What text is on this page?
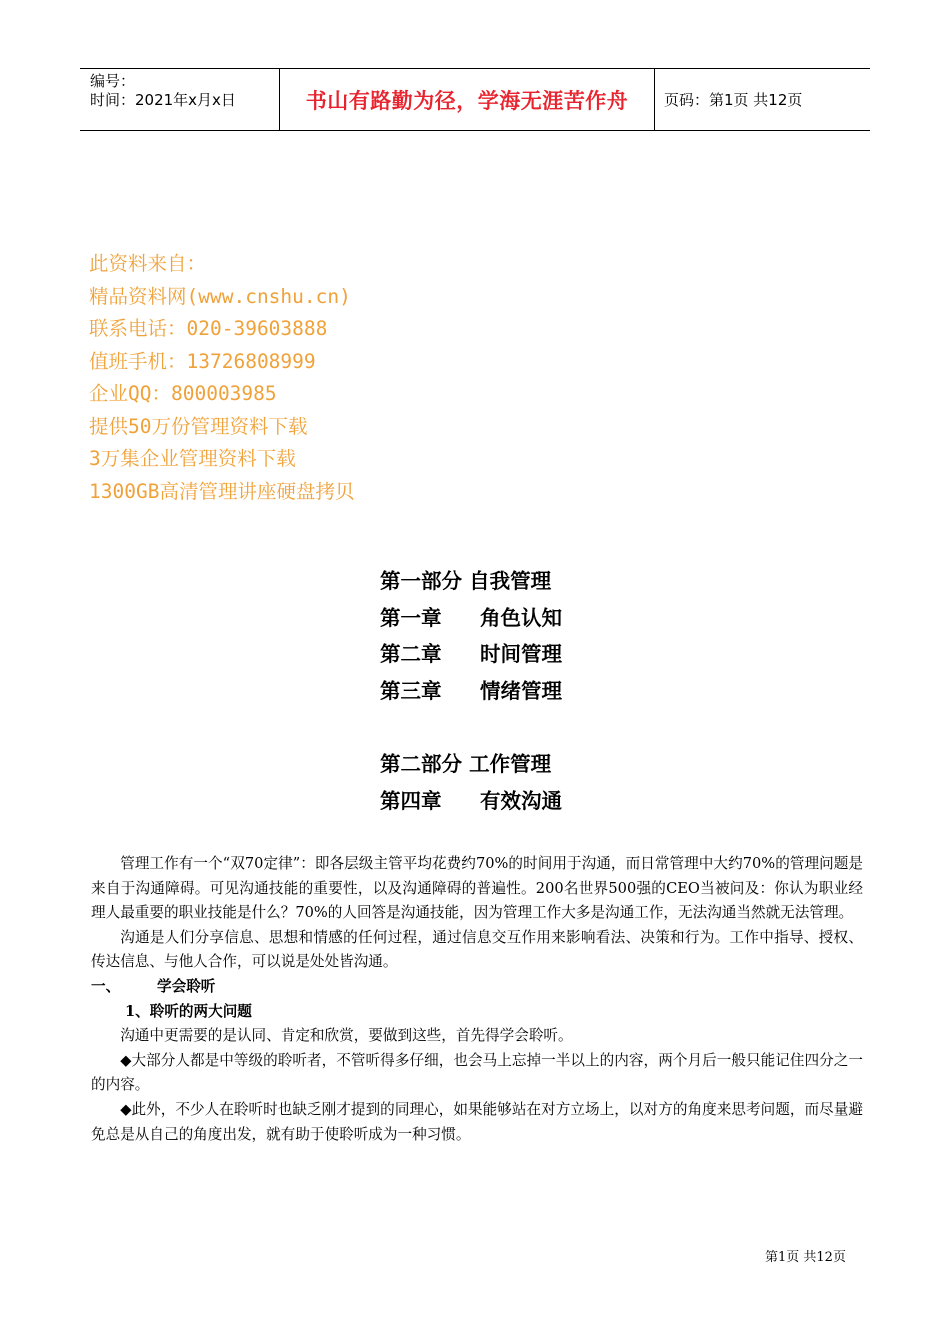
编号：
时间：2021年x月x日	书山有路勤为径，学海无涯苦作舟	页码：第1页 共12页
此资料来自：
精品资料网(www.cnshu.cn)
联系电话：020-39603888
值班手机：13726808999
企业QQ：800003985
提供50万份管理资料下载
3万集企业管理资料下载
1300GB高清管理讲座硬盘拷贝
第一部分 自我管理
第一章	角色认知
第二章	时间管理
第三章	情绪管理
第二部分 工作管理
第四章	有效沟通

管理工作有一个“双70定律”：即各层级主管平均花费约70%的时间用于沟通，而日常管理中大约70%的管理问题是来自于沟通障碍。可见沟通技能的重要性，以及沟通障碍的普遍性。200名世界500强的CEO当被问及：你认为职业经理人最重要的职业技能是什么？70%的人回答是沟通技能，因为管理工作大多是沟通工作，无法沟通当然就无法管理。

沟通是人们分享信息、思想和情感的任何过程，通过信息交互作用来影响看法、决策和行为。工作中指导、授权、传达信息、与他人合作，可以说是处处皆沟通。

一、	学会聆听

1、聆听的两大问题

沟通中更需要的是认同、肯定和欣赏，要做到这些，首先得学会聆听。

◆大部分人都是中等级的聆听者，不管听得多仔细，也会马上忘掉一半以上的内容，两个月后一般只能记住四分之一的内容。

◆此外，不少人在聆听时也缺乏刚才提到的同理心，如果能够站在对方立场上，以对方的角度来思考问题，而尽量避免总是从自己的角度出发，就有助于使聆听成为一种习惯。

第1页 共12页
